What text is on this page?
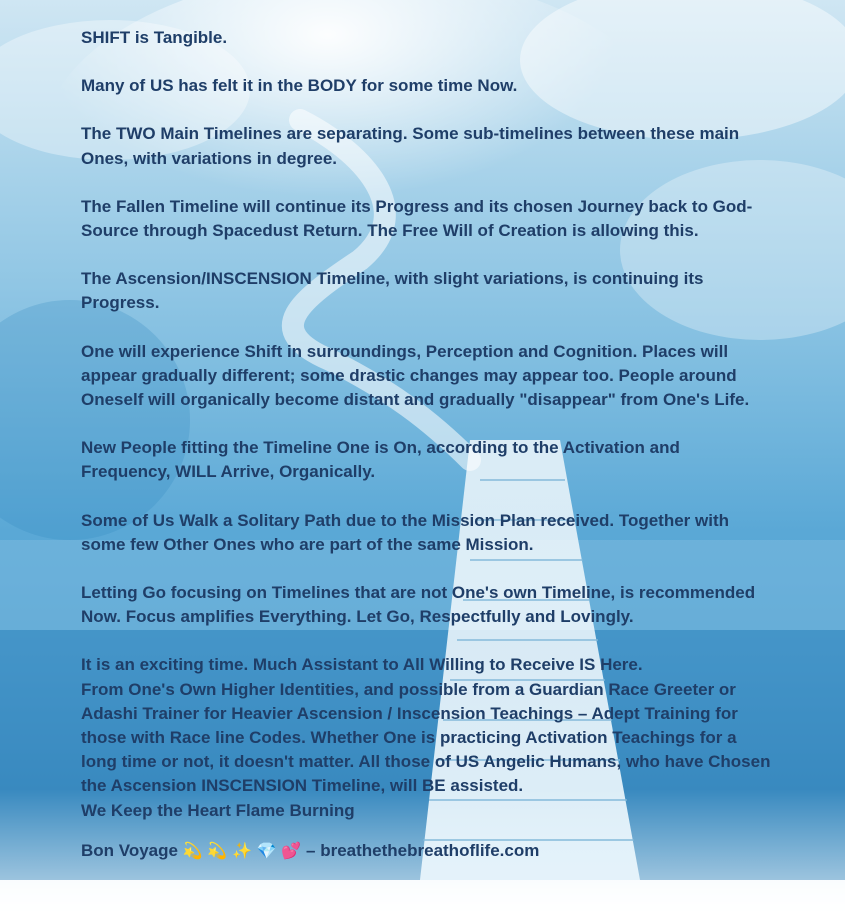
SHIFT is Tangible.

Many of US has felt it in the BODY for some time Now.

The TWO Main Timelines are separating. Some sub-timelines between these main Ones, with variations in degree.

The Fallen Timeline will continue its Progress and its chosen Journey back to God-Source through Spacedust Return. The Free Will of Creation is allowing this.

The Ascension/INSCENSION Timeline, with slight variations, is continuing its Progress.

One will experience Shift in surroundings, Perception and Cognition. Places will appear gradually different; some drastic changes may appear too. People around Oneself will organically become distant and gradually "disappear" from One's Life.

New People fitting the Timeline One is On, according to the Activation and Frequency, WILL Arrive, Organically.

Some of Us Walk a Solitary Path due to the Mission Plan received. Together with some few Other Ones who are part of the same Mission.

Letting Go focusing on Timelines that are not One's own Timeline, is recommended Now. Focus amplifies Everything. Let Go, Respectfully and Lovingly.

It is an exciting time. Much Assistant to All Willing to Receive IS Here.

From One's Own Higher Identities, and possible from a Guardian Race Greeter or Adashi Trainer for Heavier Ascension / Inscension Teachings – Adept Training for those with Race line Codes. Whether One is practicing Activation Teachings for a long time or not, it doesn't matter. All those of US Angelic Humans, who have Chosen the Ascension INSCENSION Timeline, will BE assisted.

We Keep the Heart Flame Burning

Bon Voyage 💫 💫 ✨ 💎 💕 – breathethebreathoflife.com
